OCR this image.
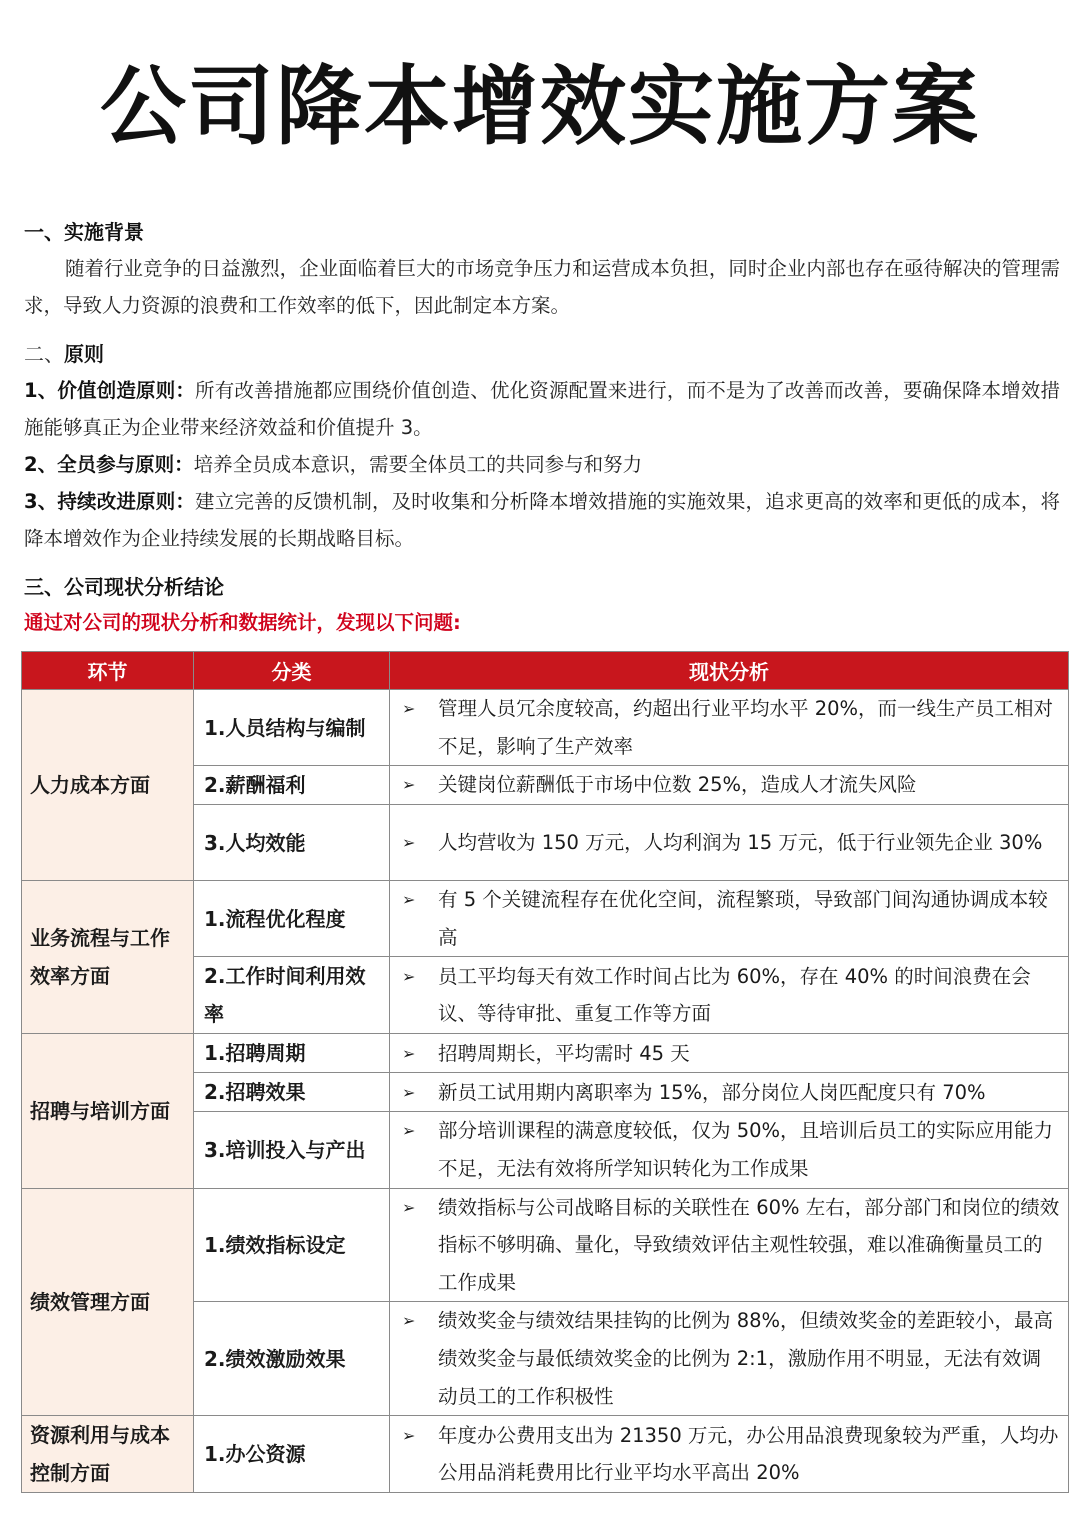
公司降本增效实施方案
一、实施背景
随着行业竞争的日益激烈，企业面临着巨大的市场竞争压力和运营成本负担，同时企业内部也存在亟待解决的管理需求，导致人力资源的浪费和工作效率的低下，因此制定本方案。
二、原则
1、价值创造原则：所有改善措施都应围绕价值创造、优化资源配置来进行，而不是为了改善而改善，要确保降本增效措施能够真正为企业带来经济效益和价值提升 3。
2、全员参与原则：培养全员成本意识，需要全体员工的共同参与和努力
3、持续改进原则：建立完善的反馈机制，及时收集和分析降本增效措施的实施效果，追求更高的效率和更低的成本，将降本增效作为企业持续发展的长期战略目标。
三、公司现状分析结论
通过对公司的现状分析和数据统计，发现以下问题:
环节	分类	现状分析
人力成本方面	1.人员结构与编制	➢ 管理人员冗余度较高，约超出行业平均水平 20%，而一线生产员工相对不足，影响了生产效率

	2.薪酬福利	➢ 关键岗位薪酬低于市场中位数 25%，造成人才流失风险

	3.人均效能	➢ 人均营收为 150 万元，人均利润为 15 万元，低于行业领先企业 30%

业务流程与工作效率方面	1.流程优化程度	➢ 有 5 个关键流程存在优化空间，流程繁琐，导致部门间沟通协调成本较高

	2.工作时间利用效率	➢ 员工平均每天有效工作时间占比为 60%，存在 40% 的时间浪费在会议、等待审批、重复工作等方面

招聘与培训方面	1.招聘周期	➢ 招聘周期长，平均需时 45 天

	2.招聘效果	➢ 新员工试用期内离职率为 15%，部分岗位人岗匹配度只有 70%

	3.培训投入与产出	➢ 部分培训课程的满意度较低，仅为 50%，且培训后员工的实际应用能力不足，无法有效将所学知识转化为工作成果

绩效管理方面	1.绩效指标设定	➢ 绩效指标与公司战略目标的关联性在 60% 左右，部分部门和岗位的绩效指标不够明确、量化，导致绩效评估主观性较强，难以准确衡量员工的工作成果

	2.绩效激励效果	➢ 绩效奖金与绩效结果挂钩的比例为 88%，但绩效奖金的差距较小，最高绩效奖金与最低绩效奖金的比例为 2:1，激励作用不明显，无法有效调动员工的工作积极性

资源利用与成本控制方面	1.办公资源	➢ 年度办公费用支出为 21350 万元，办公用品浪费现象较为严重，人均办公用品消耗费用比行业平均水平高出 20%
